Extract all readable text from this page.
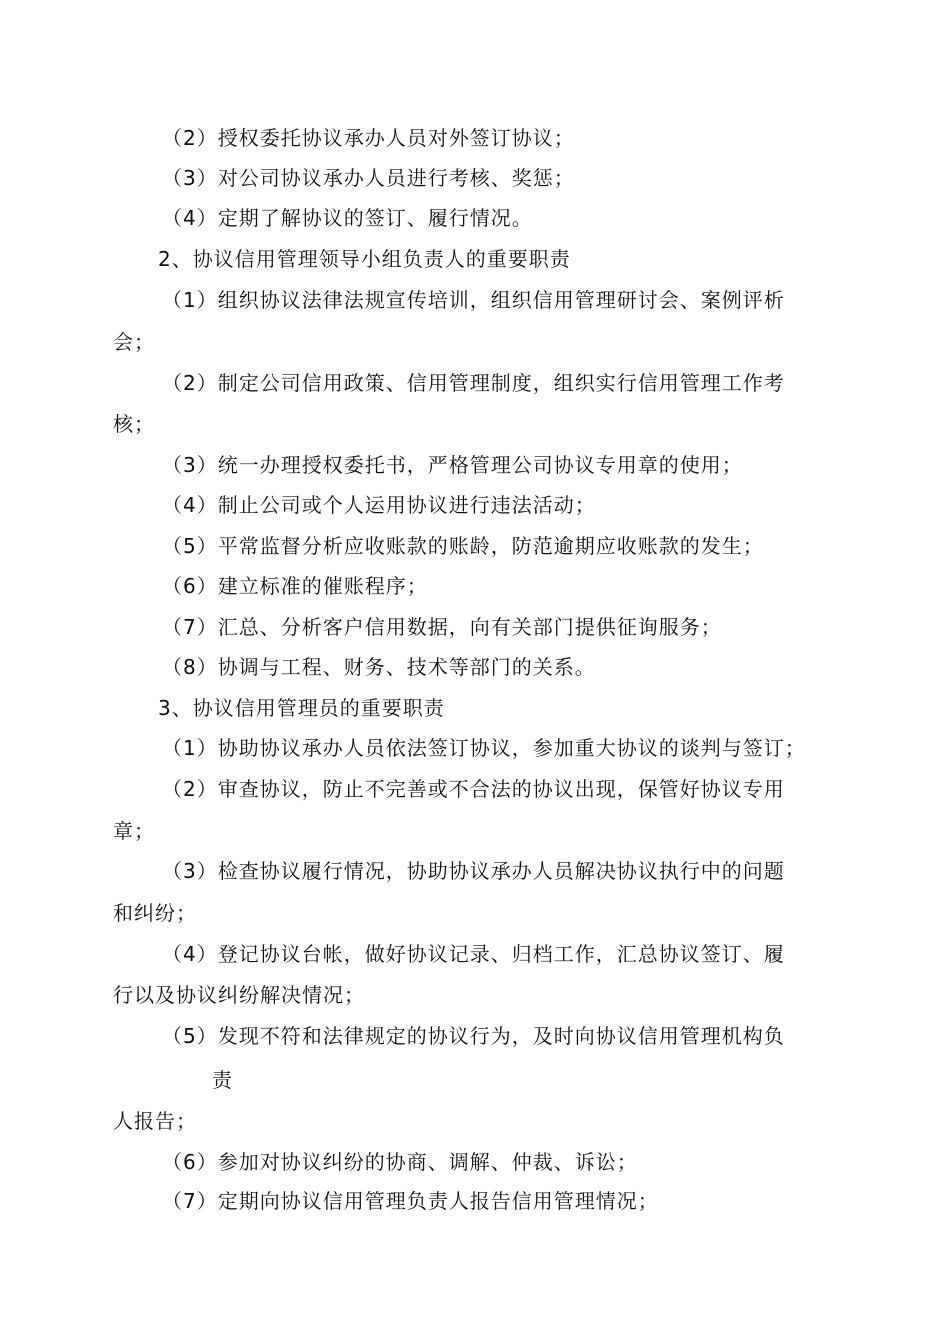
（2）授权委托协议承办人员对外签订协议；
（3）对公司协议承办人员进行考核、奖惩；
（4）定期了解协议的签订、履行情况。
2、协议信用管理领导小组负责人的重要职责
（1）组织协议法律法规宣传培训，组织信用管理研讨会、案例评析
会；
（2）制定公司信用政策、信用管理制度，组织实行信用管理工作考
核；
（3）统一办理授权委托书，严格管理公司协议专用章的使用；
（4）制止公司或个人运用协议进行违法活动；
（5）平常监督分析应收账款的账龄，防范逾期应收账款的发生；
（6）建立标准的催账程序；
（7）汇总、分析客户信用数据，向有关部门提供征询服务；
（8）协调与工程、财务、技术等部门的关系。
3、协议信用管理员的重要职责
（1）协助协议承办人员依法签订协议，参加重大协议的谈判与签订；
（2）审查协议，防止不完善或不合法的协议出现，保管好协议专用
章；
（3）检查协议履行情况，协助协议承办人员解决协议执行中的问题
和纠纷；
（4）登记协议台帐，做好协议记录、归档工作，汇总协议签订、履
行以及协议纠纷解决情况；
（5）发现不符和法律规定的协议行为，及时向协议信用管理机构负
责
人报告；
（6）参加对协议纠纷的协商、调解、仲裁、诉讼；
（7）定期向协议信用管理负责人报告信用管理情况；
